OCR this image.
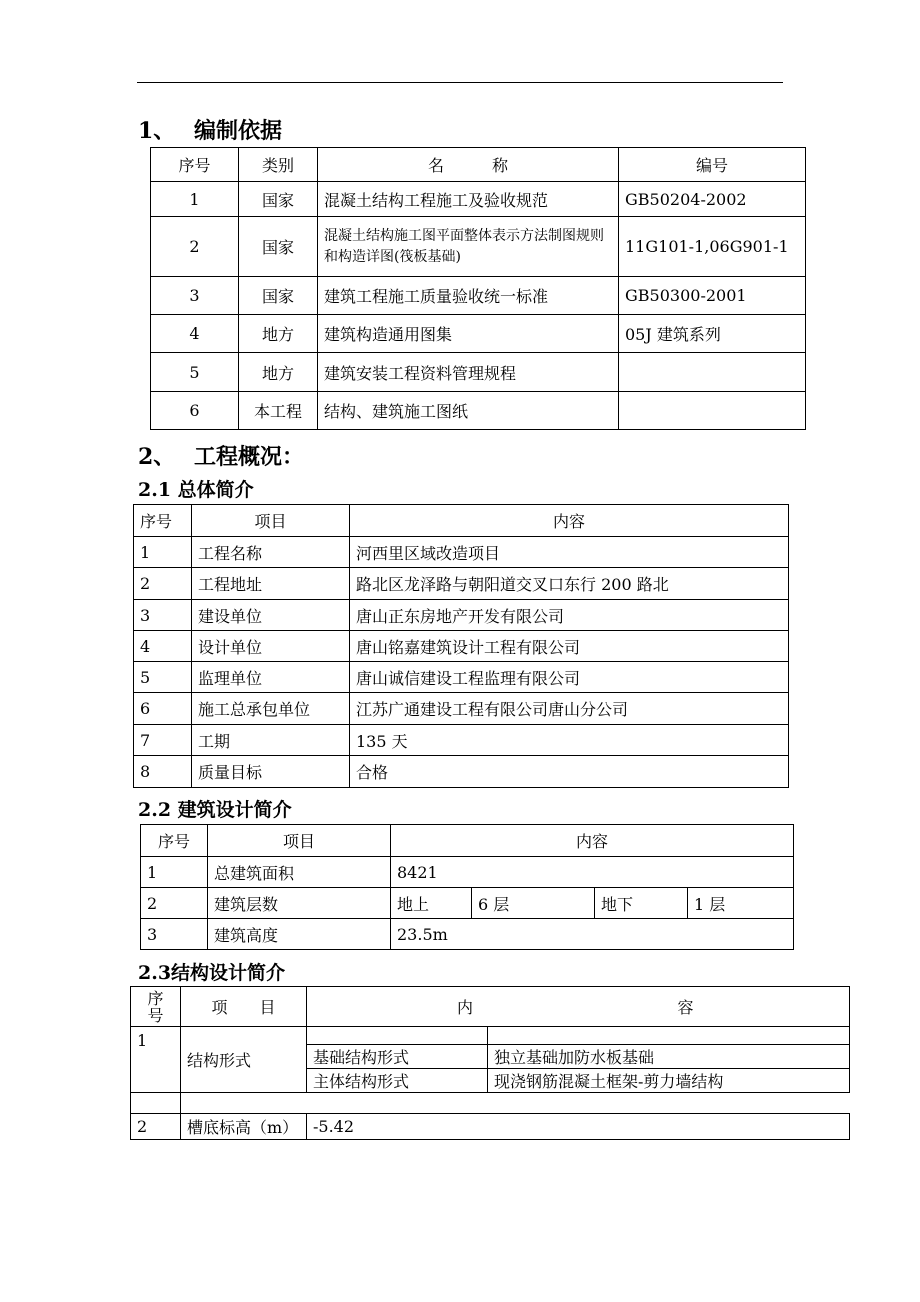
1、 编制依据
序号	类别	名　　　称	编号
1	国家	混凝土结构工程施工及验收规范	GB50204-2002
2	国家	混凝土结构施工图平面整体表示方法制图规则和构造详图(筏板基础)	11G101-1,06G901-1
3	国家	建筑工程施工质量验收统一标准	GB50300-2001
4	地方	建筑构造通用图集	05J 建筑系列
5	地方	建筑安装工程资料管理规程	
6	本工程	结构、建筑施工图纸	
2、 工程概况：
2.1 总体简介
序号	项目	内容
1	工程名称	河西里区域改造项目
2	工程地址	路北区龙泽路与朝阳道交叉口东行 200 路北
3	建设单位	唐山正东房地产开发有限公司
4	设计单位	唐山铭嘉建筑设计工程有限公司
5	监理单位	唐山诚信建设工程监理有限公司
6	施工总承包单位	江苏广通建设工程有限公司唐山分公司
7	工期	135 天
8	质量目标	合格
2.2 建筑设计简介
序号	项目	内容			
1	总建筑面积	8421			
2	建筑层数	地上	6 层	地下	1 层
3	建筑高度	23.5m			
2.3结构设计简介
序号	项　　目	内	容
1	结构形式		
		基础结构形式	独立基础加防水板基础
		主体结构形式	现浇钢筋混凝土框架-剪力墙结构

2	槽底标高（m）	-5.42	
